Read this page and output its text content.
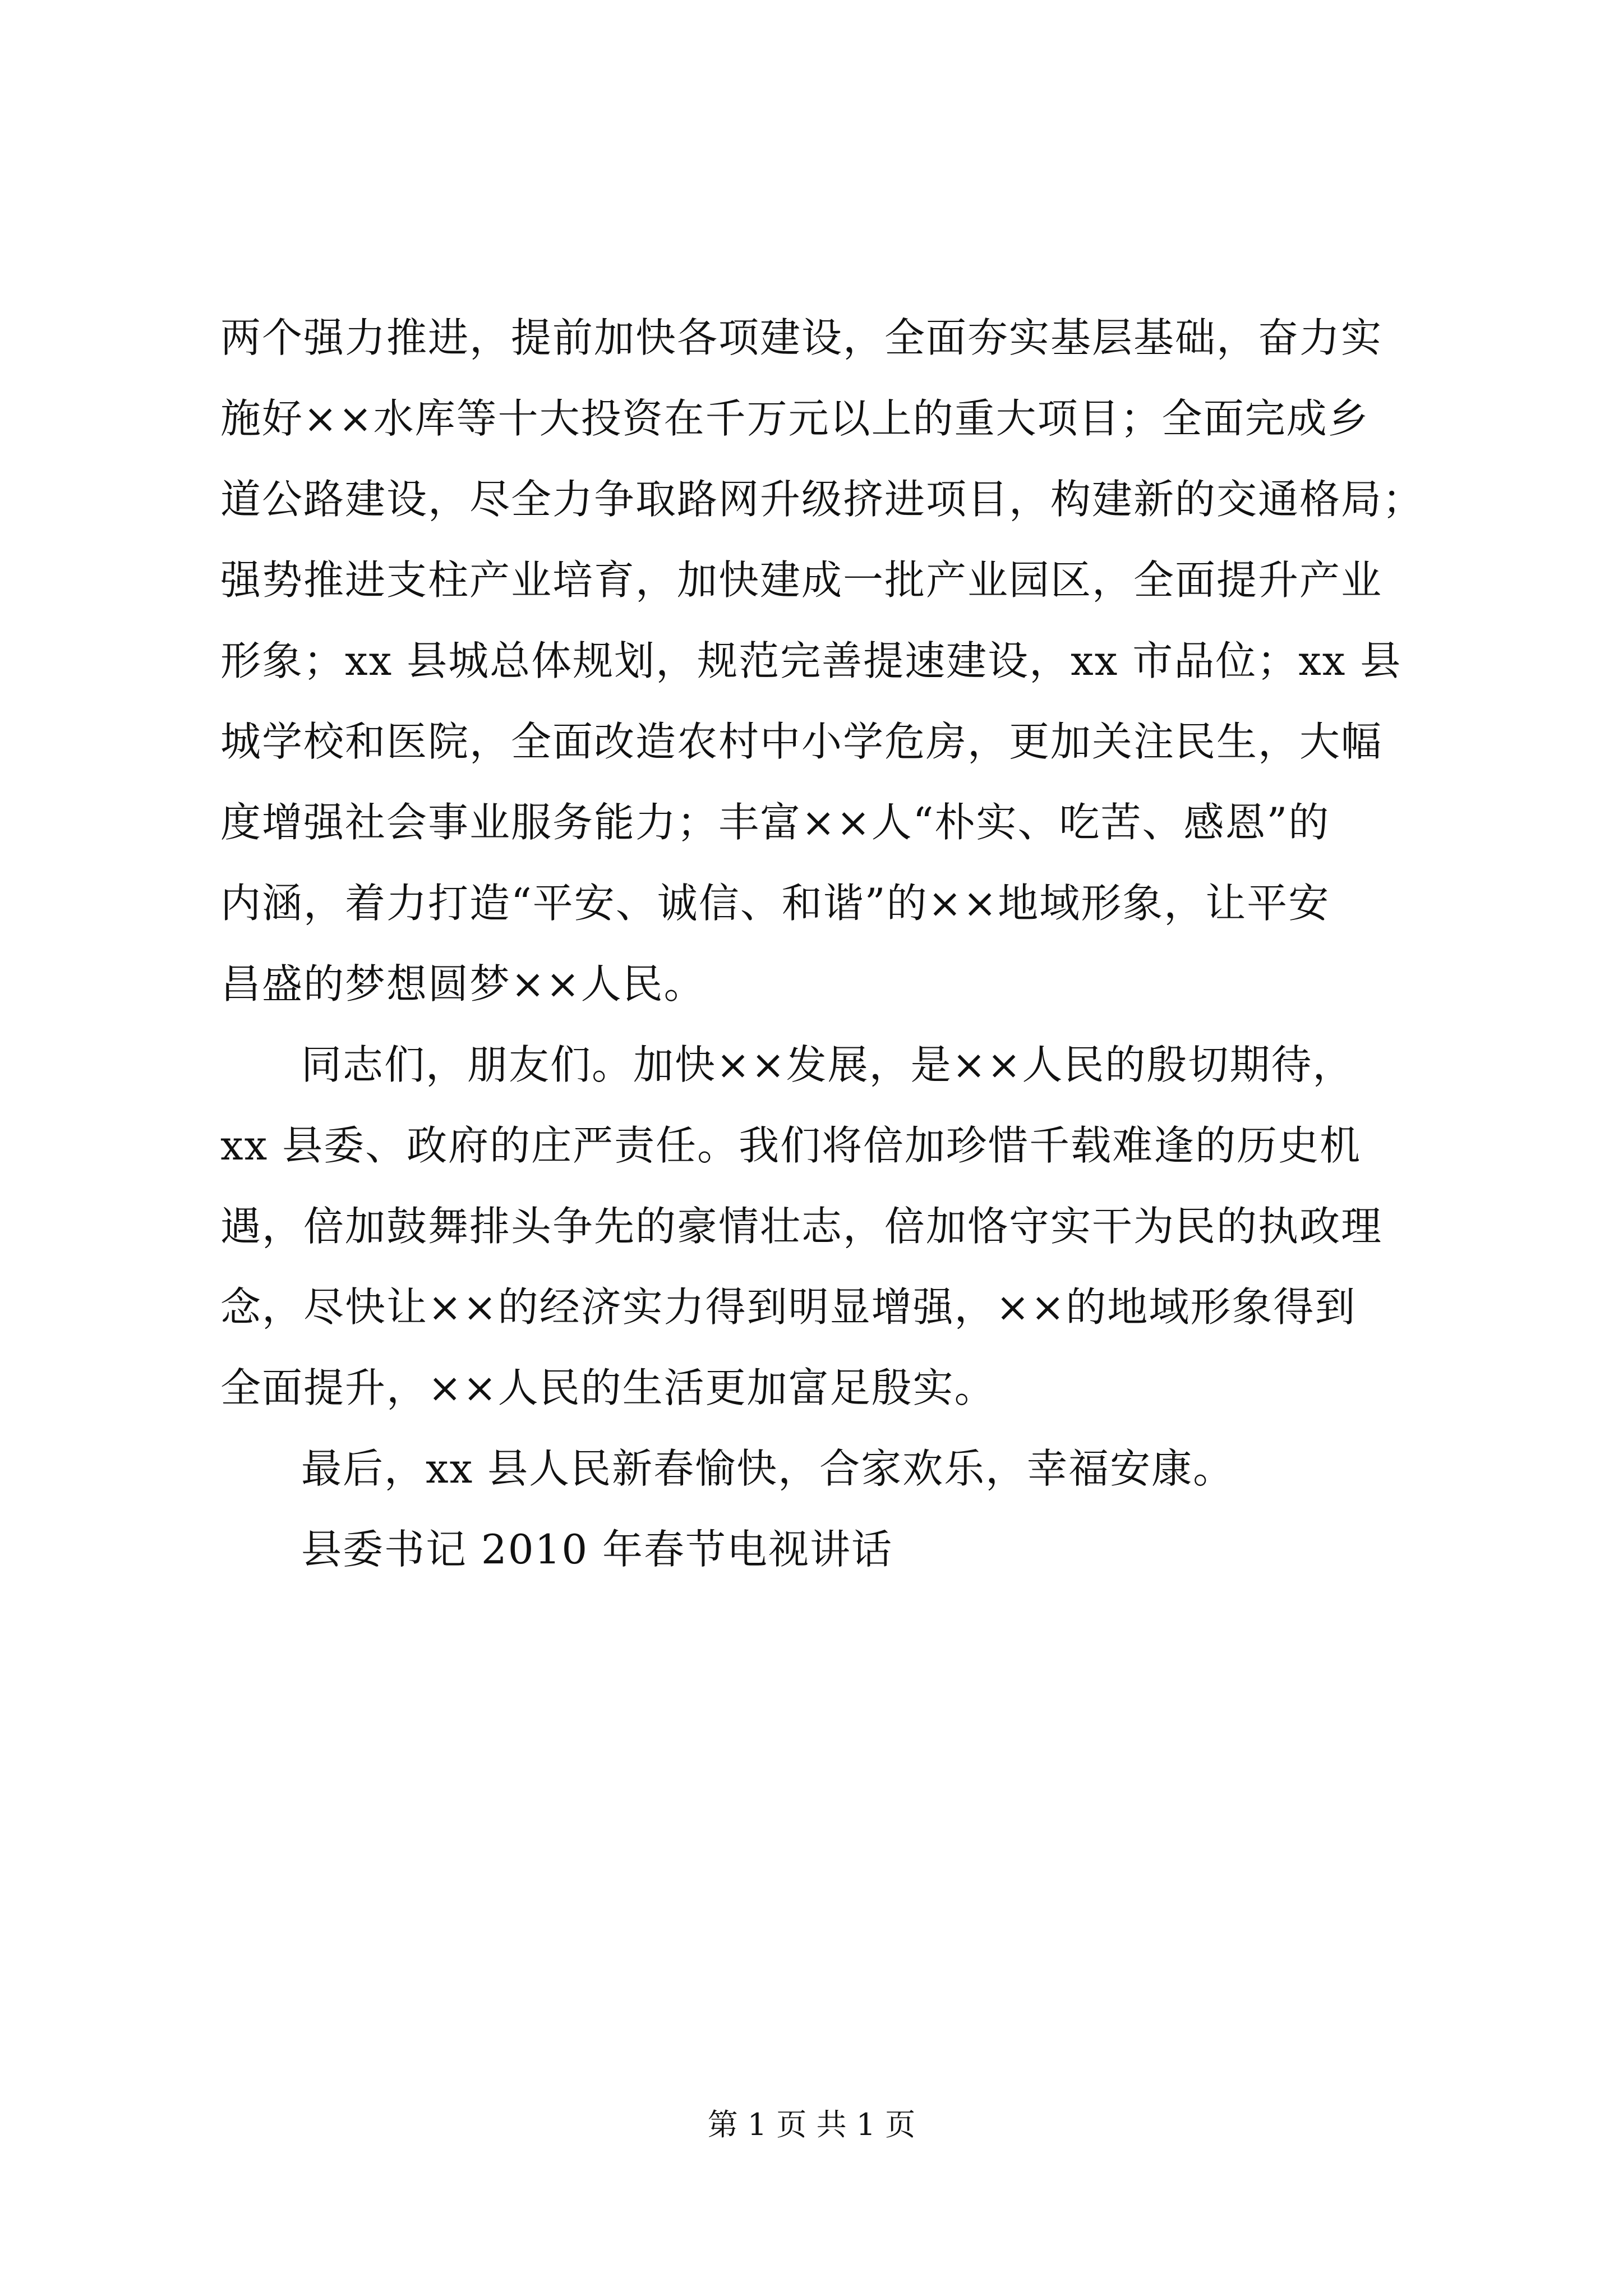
两个强力推进，提前加快各项建设，全面夯实基层基础，奋力实
施好××水库等十大投资在千万元以上的重大项目；全面完成乡
道公路建设，尽全力争取路网升级挤进项目，构建新的交通格局；
强势推进支柱产业培育，加快建成一批产业园区，全面提升产业
形象；xx 县城总体规划，规范完善提速建设，xx 市品位；xx 县
城学校和医院，全面改造农村中小学危房，更加关注民生，大幅
度增强社会事业服务能力；丰富××人“朴实、吃苦、感恩”的
内涵，着力打造“平安、诚信、和谐”的××地域形象，让平安
昌盛的梦想圆梦××人民。
同志们，朋友们。加快××发展，是××人民的殷切期待，
xx 县委、政府的庄严责任。我们将倍加珍惜千载难逢的历史机
遇，倍加鼓舞排头争先的豪情壮志，倍加恪守实干为民的执政理
念，尽快让××的经济实力得到明显增强，××的地域形象得到
全面提升，××人民的生活更加富足殷实。
最后，xx 县人民新春愉快，合家欢乐，幸福安康。
县委书记 2010 年春节电视讲话
第 1 页 共 1 页
